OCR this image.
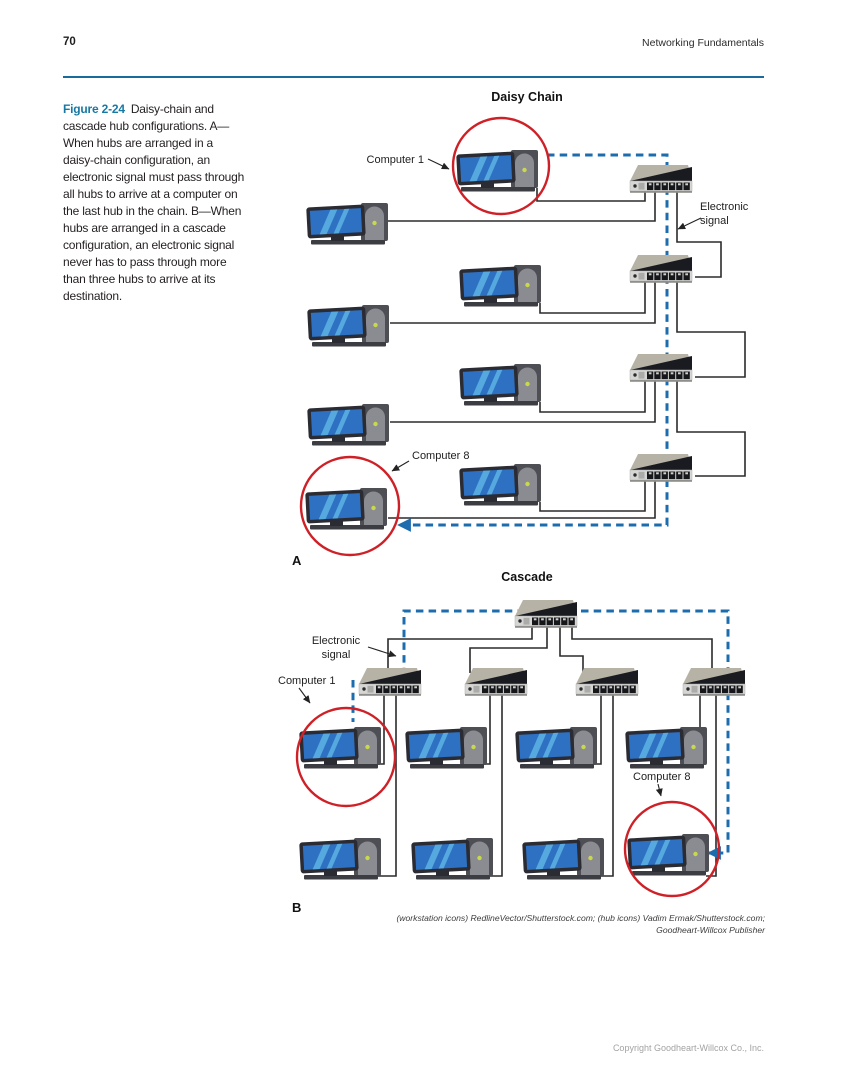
70	Networking Fundamentals

Figure 2-24 Daisy-chain and cascade hub configurations. A—When hubs are arranged in a daisy-chain configuration, an electronic signal must pass through all hubs to arrive at a computer on the last hub in the chain. B—When hubs are arranged in a cascade configuration, an electronic signal never has to pass through more than three hubs to arrive at its destination.

Daisy Chain
A
Computer 1
Electronic
signal
Computer 8
Cascade
B
Electronic
signal
Computer 1
Computer 8
(workstation icons) RedlineVector/Shutterstock.com; (hub icons) Vadim Ermak/Shutterstock.com;
Goodheart-Willcox Publisher
Copyright Goodheart-Willcox Co., Inc.
